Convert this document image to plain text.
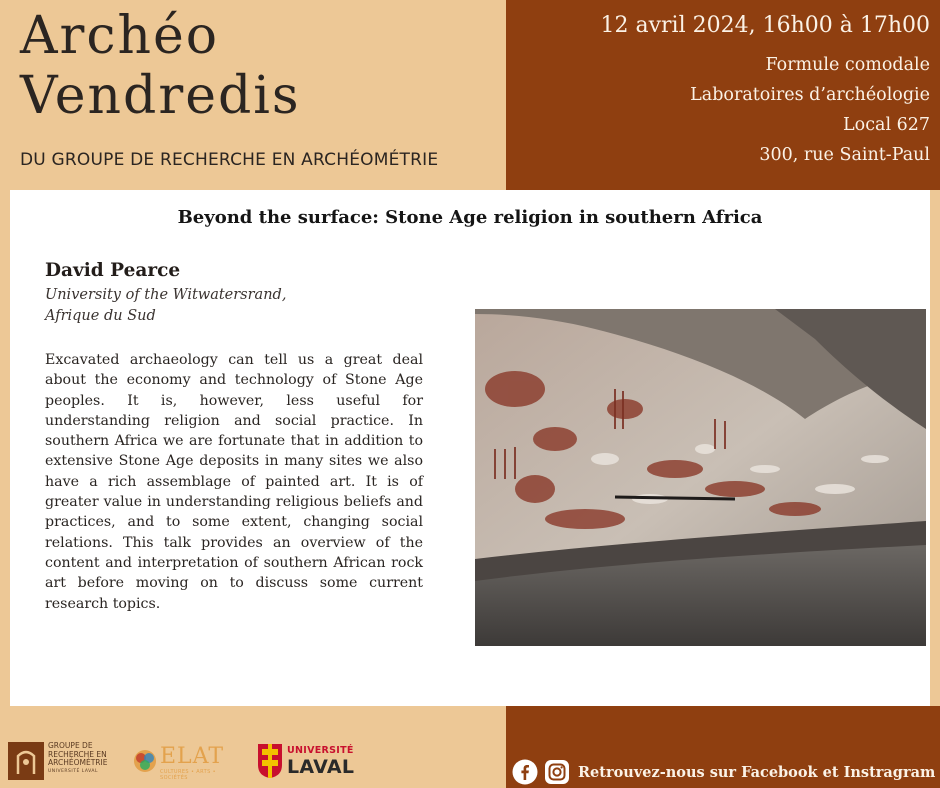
Archéo
Vendredis
DU GROUPE DE RECHERCHE EN ARCHÉOMÉTRIE
12 avril 2024, 16h00 à 17h00
Formule comodale
Laboratoires d’archéologie
Local 627
300, rue Saint-Paul
Beyond the surface: Stone Age religion in southern Africa
David Pearce
University of the Witwatersrand,
Afrique du Sud
Excavated archaeology can tell us a great deal about the economy and technology of Stone Age peoples. It is, however, less useful for understanding religion and social practice. In southern Africa we are fortunate that in addition to extensive Stone Age deposits in many sites we also have a rich assemblage of painted art. It is of greater value in understanding religious beliefs and practices, and to some extent, changing social relations. This talk provides an overview of the content and interpretation of southern African rock art before moving on to discuss some current research topics.
GROUPE DE
RECHERCHE EN
ARCHÉOMÉTRIE
UNIVERSITÉ LAVAL
ELAT
CULTURES • ARTS • SOCIÉTÉS
UNIVERSITÉ
LAVAL	Retrouvez-nous sur Facebook et Instragram
